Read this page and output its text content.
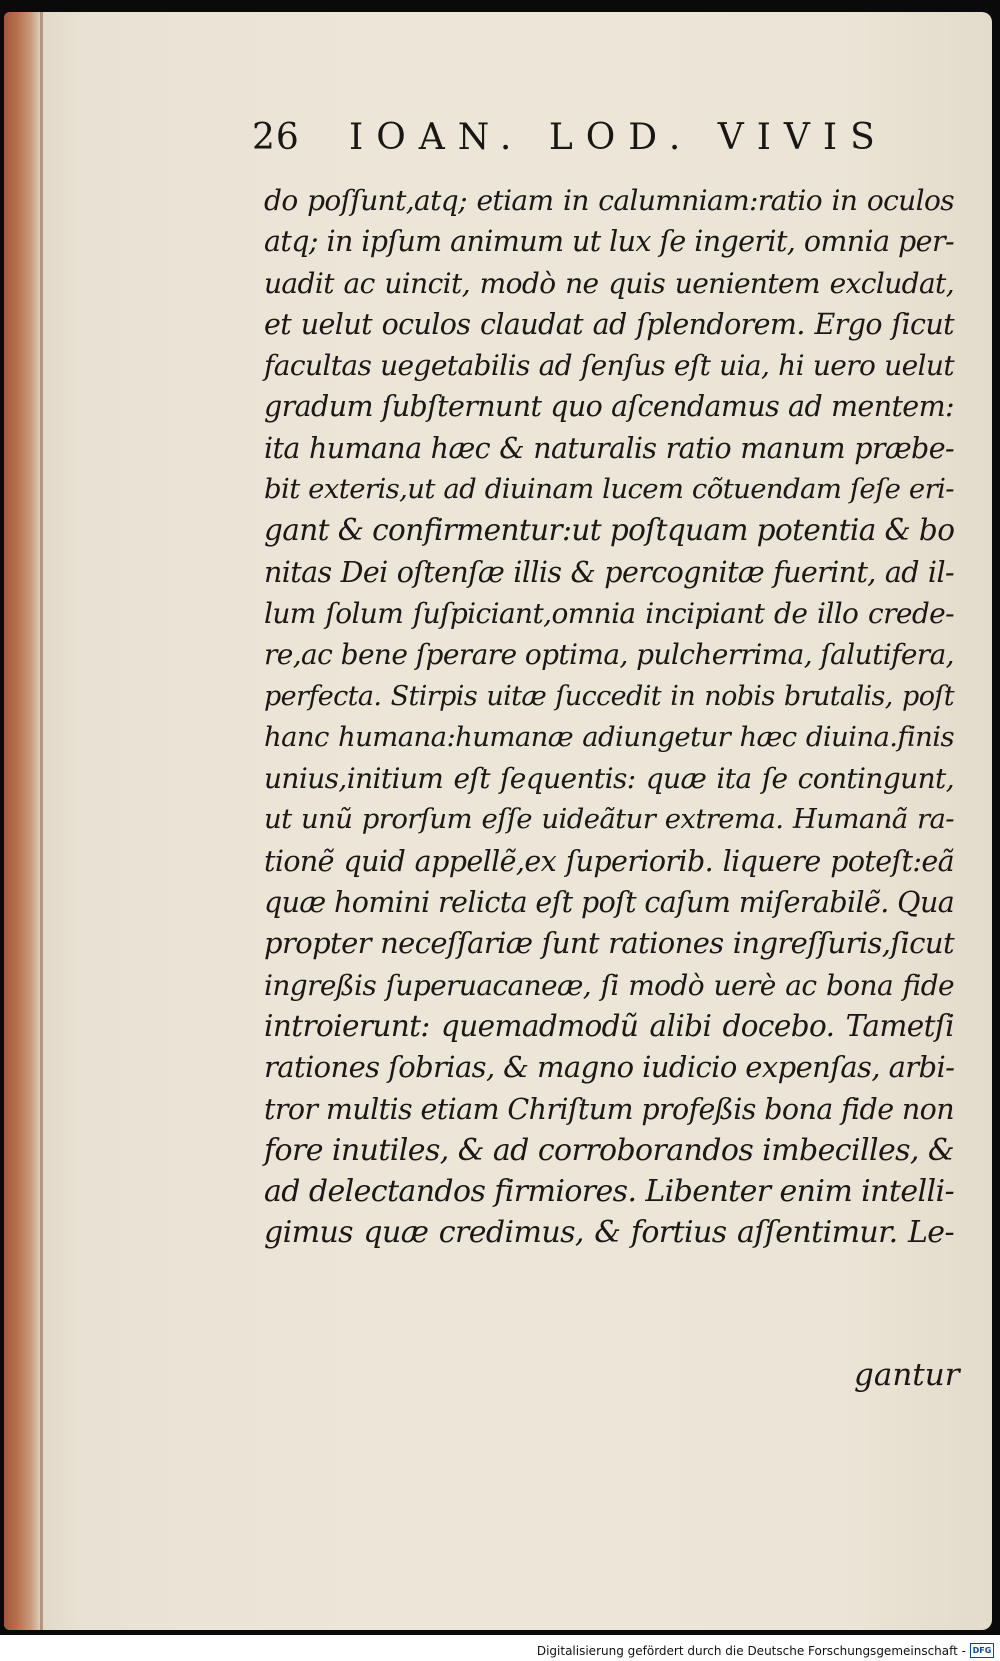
26 IOAN. LOD. VIVIS
do poſſunt,atq; etiam in calumniam:ratio in oculos
atq; in ipſum animum ut lux ſe ingerit, omnia per-
uadit ac uincit, modò ne quis uenientem excludat,
et uelut oculos claudat ad ſplendorem. Ergo ſicut
facultas uegetabilis ad ſenſus eſt uia, hi uero uelut
gradum ſubſternunt quo aſcendamus ad mentem:
ita humana hæc & naturalis ratio manum præbe-
bit exteris,ut ad diuinam lucem cõtuendam ſeſe eri-
gant & confirmentur:ut poſtquam potentia & bo
nitas Dei oſtenſæ illis & percognitæ fuerint, ad il-
lum ſolum ſuſpiciant,omnia incipiant de illo crede-
re,ac bene ſperare optima, pulcherrima, ſalutifera,
perfecta. Stirpis uitæ ſuccedit in nobis brutalis, poſt
hanc humana:humanæ adiungetur hæc diuina.finis
unius,initium eſt ſequentis: quæ ita ſe contingunt,
ut unũ prorſum eſſe uideãtur extrema. Humanã ra-
tionẽ quid appellẽ,ex ſuperiorib. liquere poteſt:eã
quæ homini relicta eſt poſt caſum miſerabilẽ. Qua
propter neceſſariæ ſunt rationes ingreſſuris,ſicut
ingreßis ſuperuacaneæ, ſi modò uerè ac bona fide
introierunt: quemadmodũ alibi docebo. Tametſi
rationes ſobrias, & magno iudicio expenſas, arbi-
tror multis etiam Chriſtum profeßis bona fide non
fore inutiles, & ad corroborandos imbecilles, &
ad delectandos firmiores. Libenter enim intelli-
gimus quæ credimus, & fortius aſſentimur. Le-
gantur
Digitalisierung gefördert durch die Deutsche Forschungsgemeinschaft - DFG
